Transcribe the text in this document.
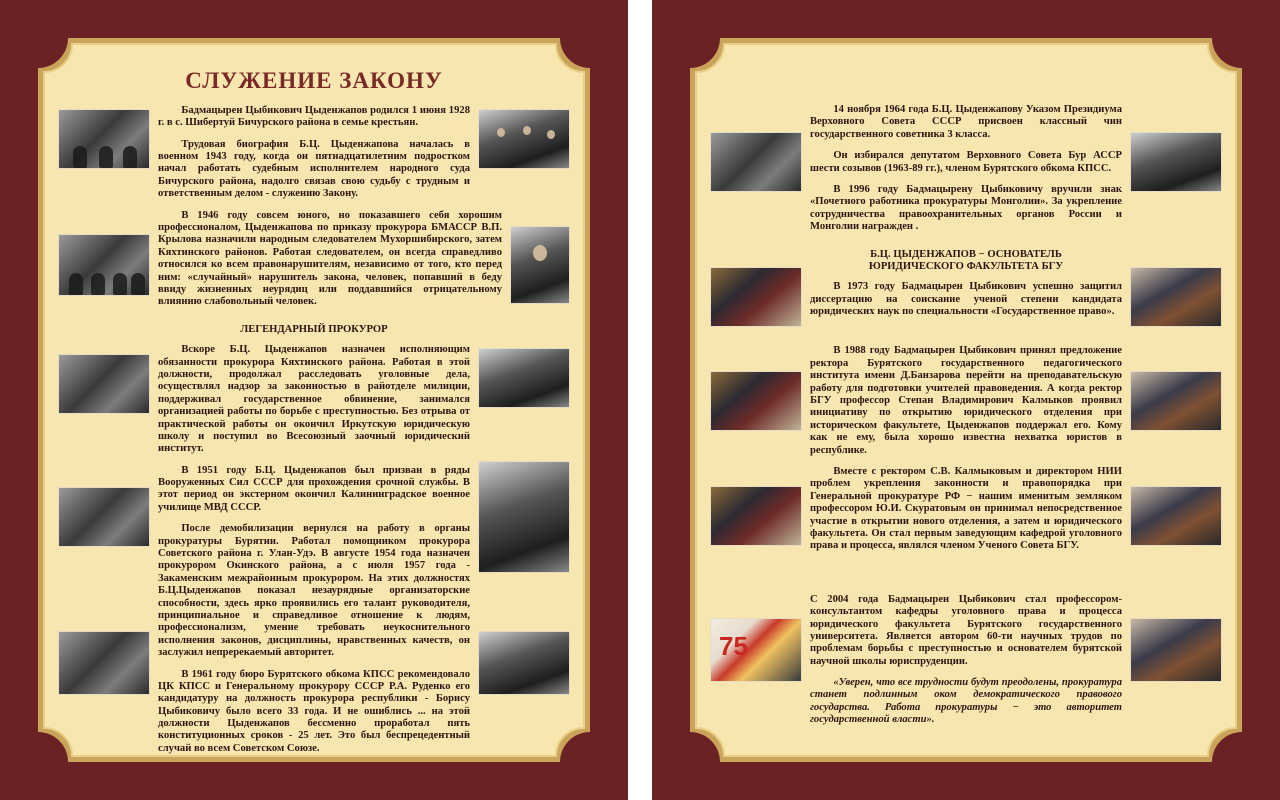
СЛУЖЕНИЕ ЗАКОНУ

Бадмацырен Цыбикович Цыденжапов родился 1 июня 1928 г. в с. Шибертуй Бичурского района в семье крестьян.

Трудовая биография Б.Ц. Цыденжапова началась в военном 1943 году, когда он пятнадцатилетним подростком начал работать судебным исполнителем народного суда Бичурского района, надолго связав свою судьбу с трудным и ответственным делом - служению Закону.

В 1946 году совсем юного, но показавшего себя хорошим профессионалом, Цыденжапова по приказу прокурора БМАССР В.П. Крылова назначили народным следователем Мухоршибирского, затем Кяхтинского районов. Работая следователем, он всегда справедливо относился ко всем правонарушителям, независимо от того, кто перед ним: «случайный» нарушитель закона, человек, попавший в беду ввиду жизненных неурядиц или поддавшийся отрицательному влиянию слабовольный человек.

ЛЕГЕНДАРНЫЙ ПРОКУРОР

Вскоре Б.Ц. Цыденжапов назначен исполняющим обязанности прокурора Кяхтинского района. Работая в этой должности, продолжал расследовать уголовные дела, осуществлял надзор за законностью в райотделе милиции, поддерживал государственное обвинение, занимался организацией работы по борьбе с преступностью. Без отрыва от практической работы он окончил Иркутскую юридическую школу и поступил во Всесоюзный заочный юридический институт.

В 1951 году Б.Ц. Цыденжапов был призван в ряды Вооруженных Сил СССР для прохождения срочной службы. В этот период он экстерном окончил Калининградское военное училище МВД СССР.

После демобилизации вернулся на работу в органы прокуратуры Бурятии. Работал помощником прокурора Советского района г. Улан-Удэ. В августе 1954 года назначен прокурором Окинского района, а с июля 1957 года - Закаменским межрайонным прокурором. На этих должностях Б.Ц.Цыденжапов показал незаурядные организаторские способности, здесь ярко проявились его талант руководителя, принципиальное и справедливое отношение к людям, профессионализм, умение требовать неукоснительного исполнения законов, дисциплины, нравственных качеств, он заслужил непререкаемый авторитет.

В 1961 году бюро Бурятского обкома КПСС рекомендовало ЦК КПСС и Генеральному прокурору СССР Р.А. Руденко его кандидатуру на должность прокурора республики - Борису Цыбиковичу было всего 33 года. И не ошиблись ... на этой должности Цыденжапов бессменно проработал пять конституционных сроков - 25 лет. Это был беспрецедентный случай во всем Советском Союзе.

14 ноября 1964 года Б.Ц. Цыденжапову Указом Президиума Верховного Совета СССР присвоен классный чин государственного советника 3 класса.

Он избирался депутатом Верховного Совета Бур АССР шести созывов (1963-89 гг.), членом Бурятского обкома КПСС.

В 1996 году Бадмацырену Цыбиковичу вручили знак «Почетного работника прокуратуры Монголии». За укрепление сотрудничества правоохранительных органов России и Монголии награжден .

Б.Ц. ЦЫДЕНЖАПОВ − ОСНОВАТЕЛЬ
ЮРИДИЧЕСКОГО ФАКУЛЬТЕТА БГУ

В 1973 году Бадмацырен Цыбикович успешно защитил диссертацию на соискание ученой степени кандидата юридических наук по специальности «Государственное право».

В 1988 году Бадмацырен Цыбикович принял предложение ректора Бурятского государственного педагогического института имени Д.Банзарова перейти на преподавательскую работу для подготовки учителей правоведения. А когда ректор БГУ профессор Степан Владимирович Калмыков проявил инициативу по открытию юридического отделения при историческом факультете, Цыденжапов поддержал его. Кому как не ему, была хорошо известна нехватка юристов в республике.

Вместе с ректором С.В. Калмыковым и директором НИИ проблем укрепления законности и правопорядка при Генеральной прокуратуре РФ − нашим именитым земляком профессором Ю.И. Скуратовым он принимал непосредственное участие в открытии нового отделения, а затем и юридического факультета. Он стал первым заведующим кафедрой уголовного права и процесса, являлся членом Ученого Совета БГУ.

75

С 2004 года Бадмацырен Цыбикович стал профессором-консультантом кафедры уголовного права и процесса юридического факультета Бурятского государственного университета. Является автором 60-ти научных трудов по проблемам борьбы с преступностью и основателем бурятской научной школы юриспруденции.

«Уверен, что все трудности будут преодолены, прокуратура станет подлинным оком демократического правового государства. Работа прокуратуры − это авторитет государственной власти».
